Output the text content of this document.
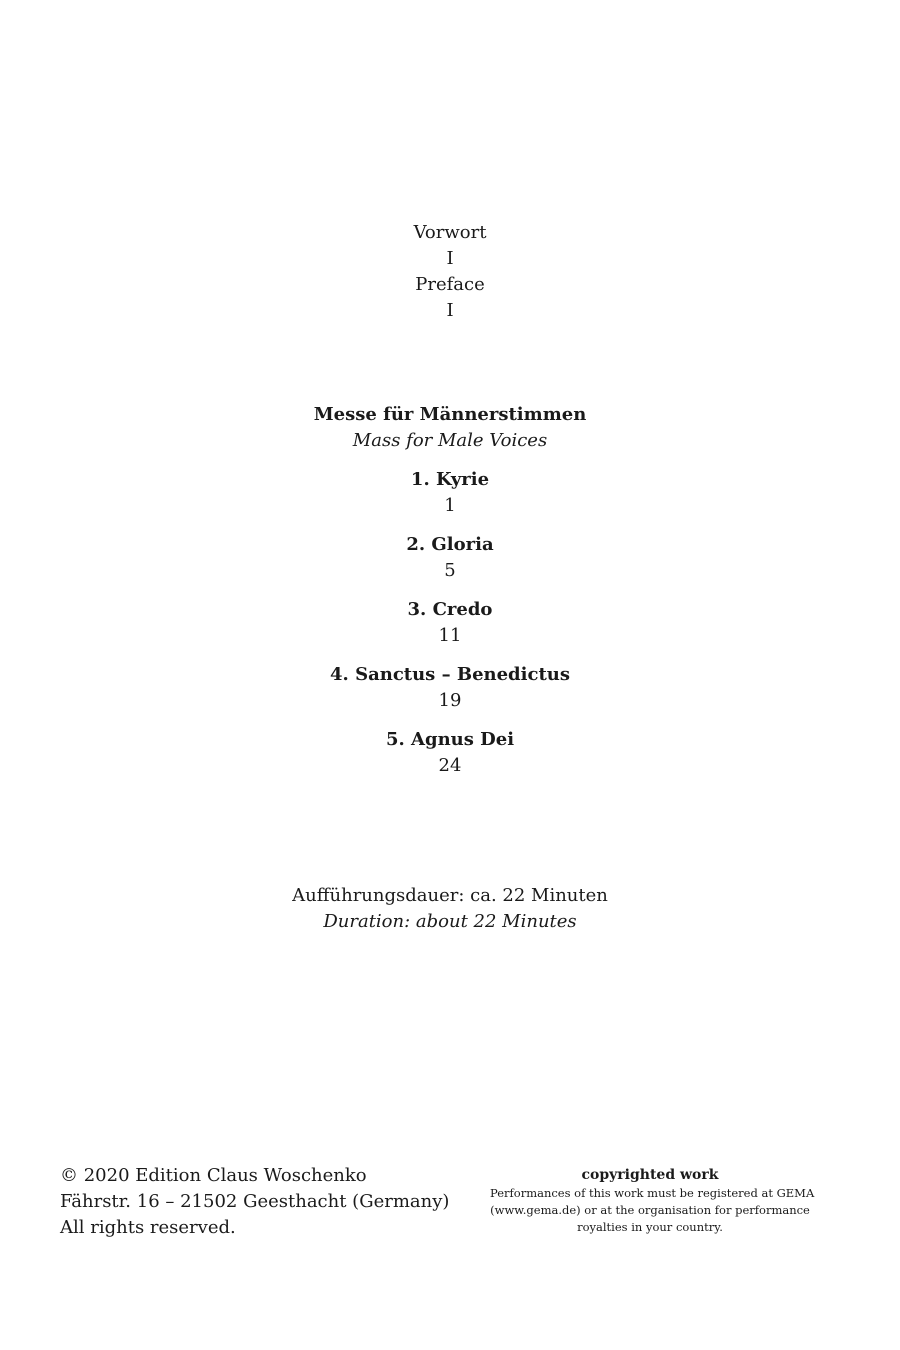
Vorwort
I
Preface
I
Messe für Männerstimmen
Mass for Male Voices
1. Kyrie
1
2. Gloria
5
3. Credo
11
4. Sanctus – Benedictus
19
5. Agnus Dei
24
Aufführungsdauer: ca. 22 Minuten
Duration: about 22 Minutes
© 2020 Edition Claus Woschenko
Fährstr. 16 – 21502 Geesthacht (Germany)
All rights reserved.
copyrighted work
Performances of this work must be registered at GEMA
(www.gema.de) or at the organisation for performance
royalties in your country.
